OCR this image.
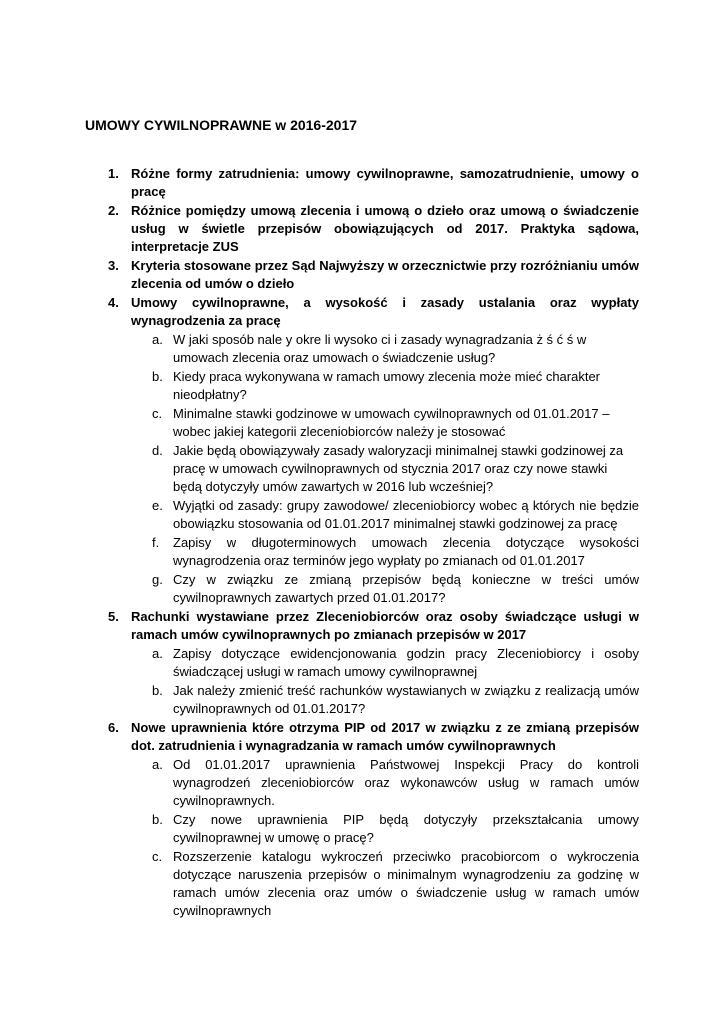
UMOWY CYWILNOPRAWNE w 2016-2017
1. Różne formy zatrudnienia: umowy cywilnoprawne, samozatrudnienie, umowy o pracę
2. Różnice pomiędzy umową zlecenia i umową o dzieło oraz umową o świadczenie usług w świetle przepisów obowiązujących od 2017. Praktyka sądowa, interpretacje ZUS
3. Kryteria stosowane przez Sąd Najwyższy w orzecznictwie przy rozróżnianiu umów zlecenia od umów o dzieło
4. Umowy cywilnoprawne, a wysokość i zasady ustalania oraz wypłaty wynagrodzenia za pracę
a. W jaki sposób nale y okre li wysoko ci i zasady wynagradzania ż ś ć ś w umowach zlecenia oraz umowach o świadczenie usług?
b. Kiedy praca wykonywana w ramach umowy zlecenia może mieć charakter nieodpłatny?
c. Minimalne stawki godzinowe w umowach cywilnoprawnych od 01.01.2017 – wobec jakiej kategorii zleceniobiorców należy je stosować
d. Jakie będą obowiązywały zasady waloryzacji minimalnej stawki godzinowej za pracę w umowach cywilnoprawnych od stycznia 2017 oraz czy nowe stawki będą dotyczyły umów zawartych w 2016 lub wcześniej?
e. Wyjątki od zasady: grupy zawodowe/ zleceniobiorcy wobec ą których nie będzie obowiązku stosowania od 01.01.2017 minimalnej stawki godzinowej za pracę
f. Zapisy w długoterminowych umowach zlecenia dotyczące wysokości wynagrodzenia oraz terminów jego wypłaty po zmianach od 01.01.2017
g. Czy w związku ze zmianą przepisów będą konieczne w treści umów cywilnoprawnych zawartych przed 01.01.2017?
5. Rachunki wystawiane przez Zleceniobiorców oraz osoby świadczące usługi w ramach umów cywilnoprawnych po zmianach przepisów w 2017
a. Zapisy dotyczące ewidencjonowania godzin pracy Zleceniobiorcy i osoby świadczącej usługi w ramach umowy cywilnoprawnej
b. Jak należy zmienić treść rachunków wystawianych w związku z realizacją umów cywilnoprawnych od 01.01.2017?
6. Nowe uprawnienia które otrzyma PIP od 2017 w związku z ze zmianą przepisów dot. zatrudnienia i wynagradzania w ramach umów cywilnoprawnych
a. Od 01.01.2017 uprawnienia Państwowej Inspekcji Pracy do kontroli wynagrodzeń zleceniobiorców oraz wykonawców usług w ramach umów cywilnoprawnych.
b. Czy nowe uprawnienia PIP będą dotyczyły przekształcania umowy cywilnoprawnej w umowę o pracę?
c. Rozszerzenie katalogu wykroczeń przeciwko pracobiorcom o wykroczenia dotyczące naruszenia przepisów o minimalnym wynagrodzeniu za godzinę w ramach umów zlecenia oraz umów o świadczenie usług w ramach umów cywilnoprawnych
